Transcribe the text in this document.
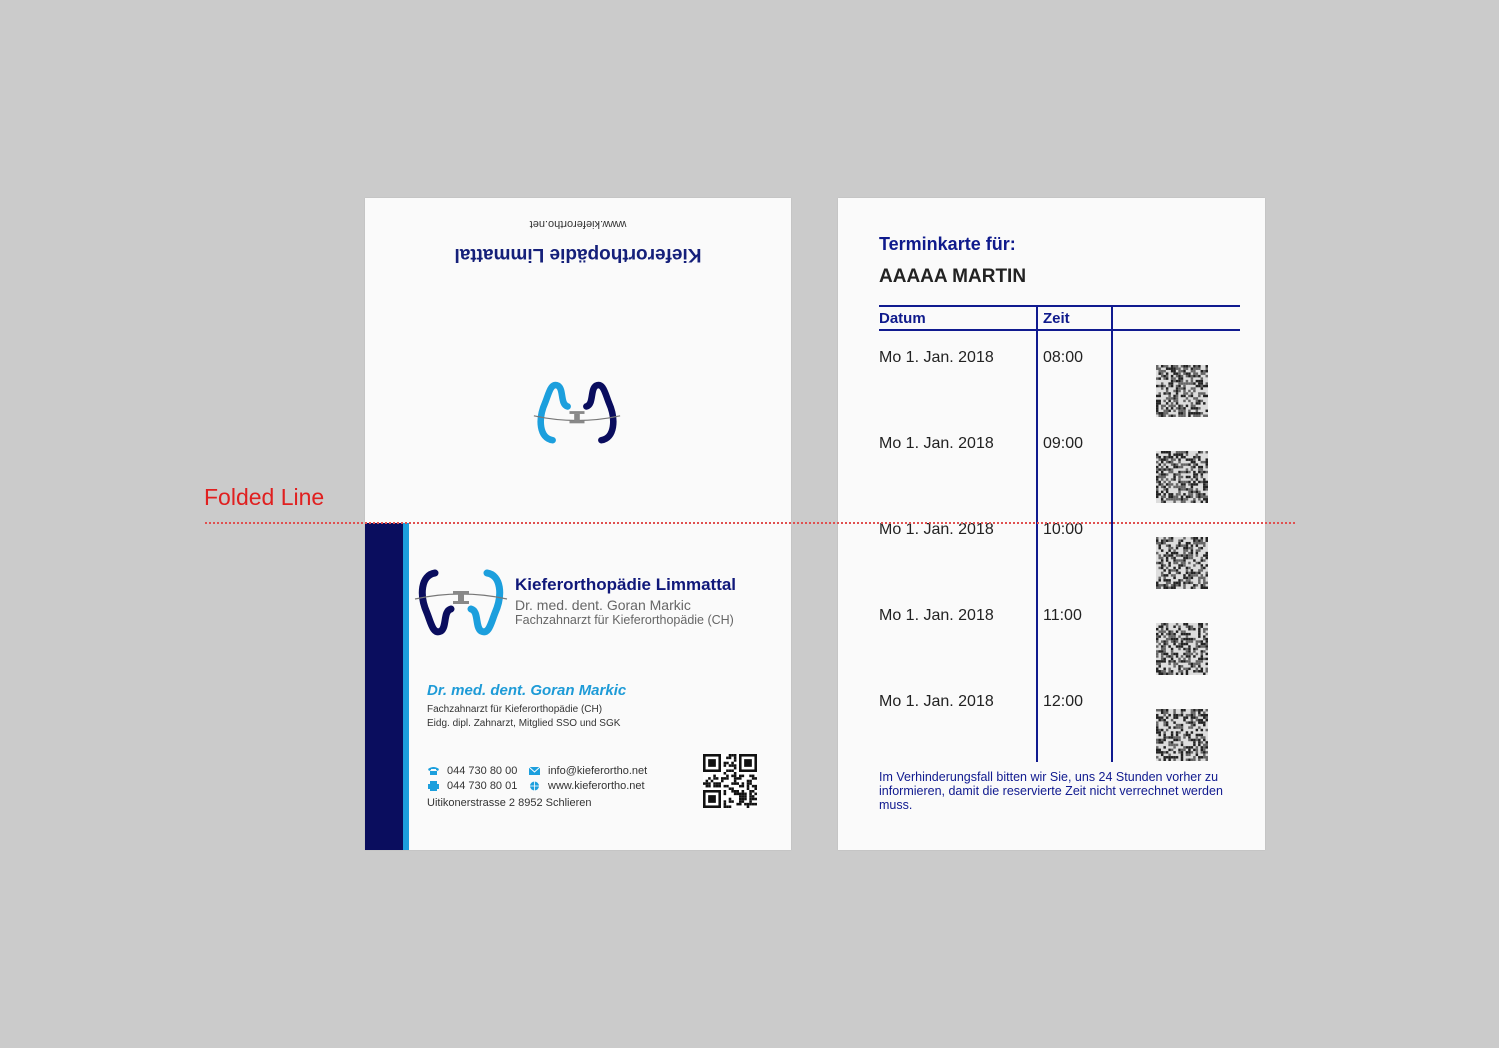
www.kieferortho.net
Kieferorthopädie Limmattal
Kieferorthopädie Limmattal
Dr. med. dent. Goran Markic
Fachzahnarzt für Kieferorthopädie (CH)
Dr. med. dent. Goran Markic
Fachzahnarzt für Kieferorthopädie (CH)
Eidg. dipl. Zahnarzt, Mitglied SSO und SGK
044 730 80 00
044 730 80 01
info@kieferortho.net
www.kieferortho.net
Uitikonerstrasse 2 8952 Schlieren
Terminkarte für:
AAAAA MARTIN
Datum	Zeit
Mo 1. Jan. 2018	08:00
Mo 1. Jan. 2018	09:00
Mo 1. Jan. 2018	10:00
Mo 1. Jan. 2018	11:00
Mo 1. Jan. 2018	12:00
Im Verhinderungsfall bitten wir Sie, uns 24 Stunden vorher zu informieren, damit die reservierte Zeit nicht verrechnet werden muss.
Folded Line
